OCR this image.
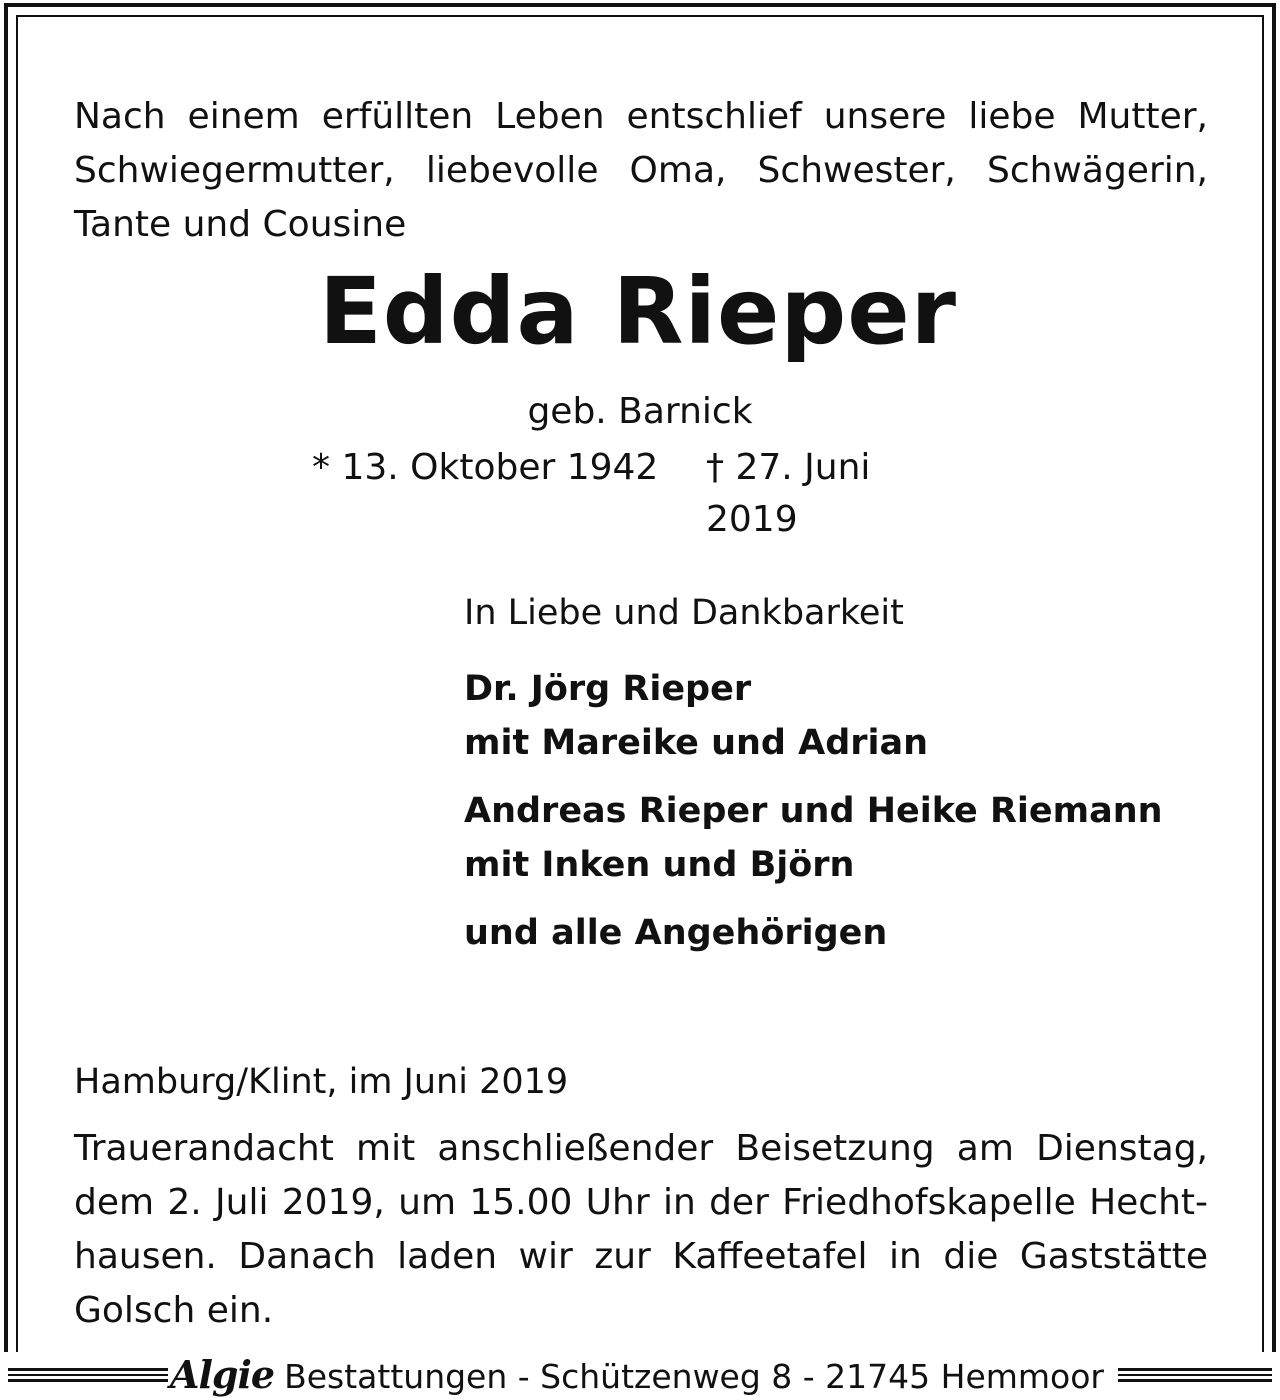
Nach einem erfüllten Leben entschlief unsere liebe Mutter,
Schwiegermutter, liebevolle Oma, Schwester, Schwägerin,
Tante und Cousine
Edda Rieper
geb. Barnick
* 13. Oktober 1942 † 27. Juni 2019
In Liebe und Dankbarkeit
Dr. Jörg Rieper
mit Mareike und Adrian
Andreas Rieper und Heike Riemann
mit Inken und Björn
und alle Angehörigen
Hamburg/Klint, im Juni 2019
Trauerandacht mit anschließender Beisetzung am Dienstag,
dem 2. Juli 2019, um 15.00 Uhr in der Friedhofskapelle Hecht-
hausen. Danach laden wir zur Kaffeetafel in die Gaststätte
Golsch ein.
Algie Bestattungen - Schützenweg 8 - 21745 Hemmoor
